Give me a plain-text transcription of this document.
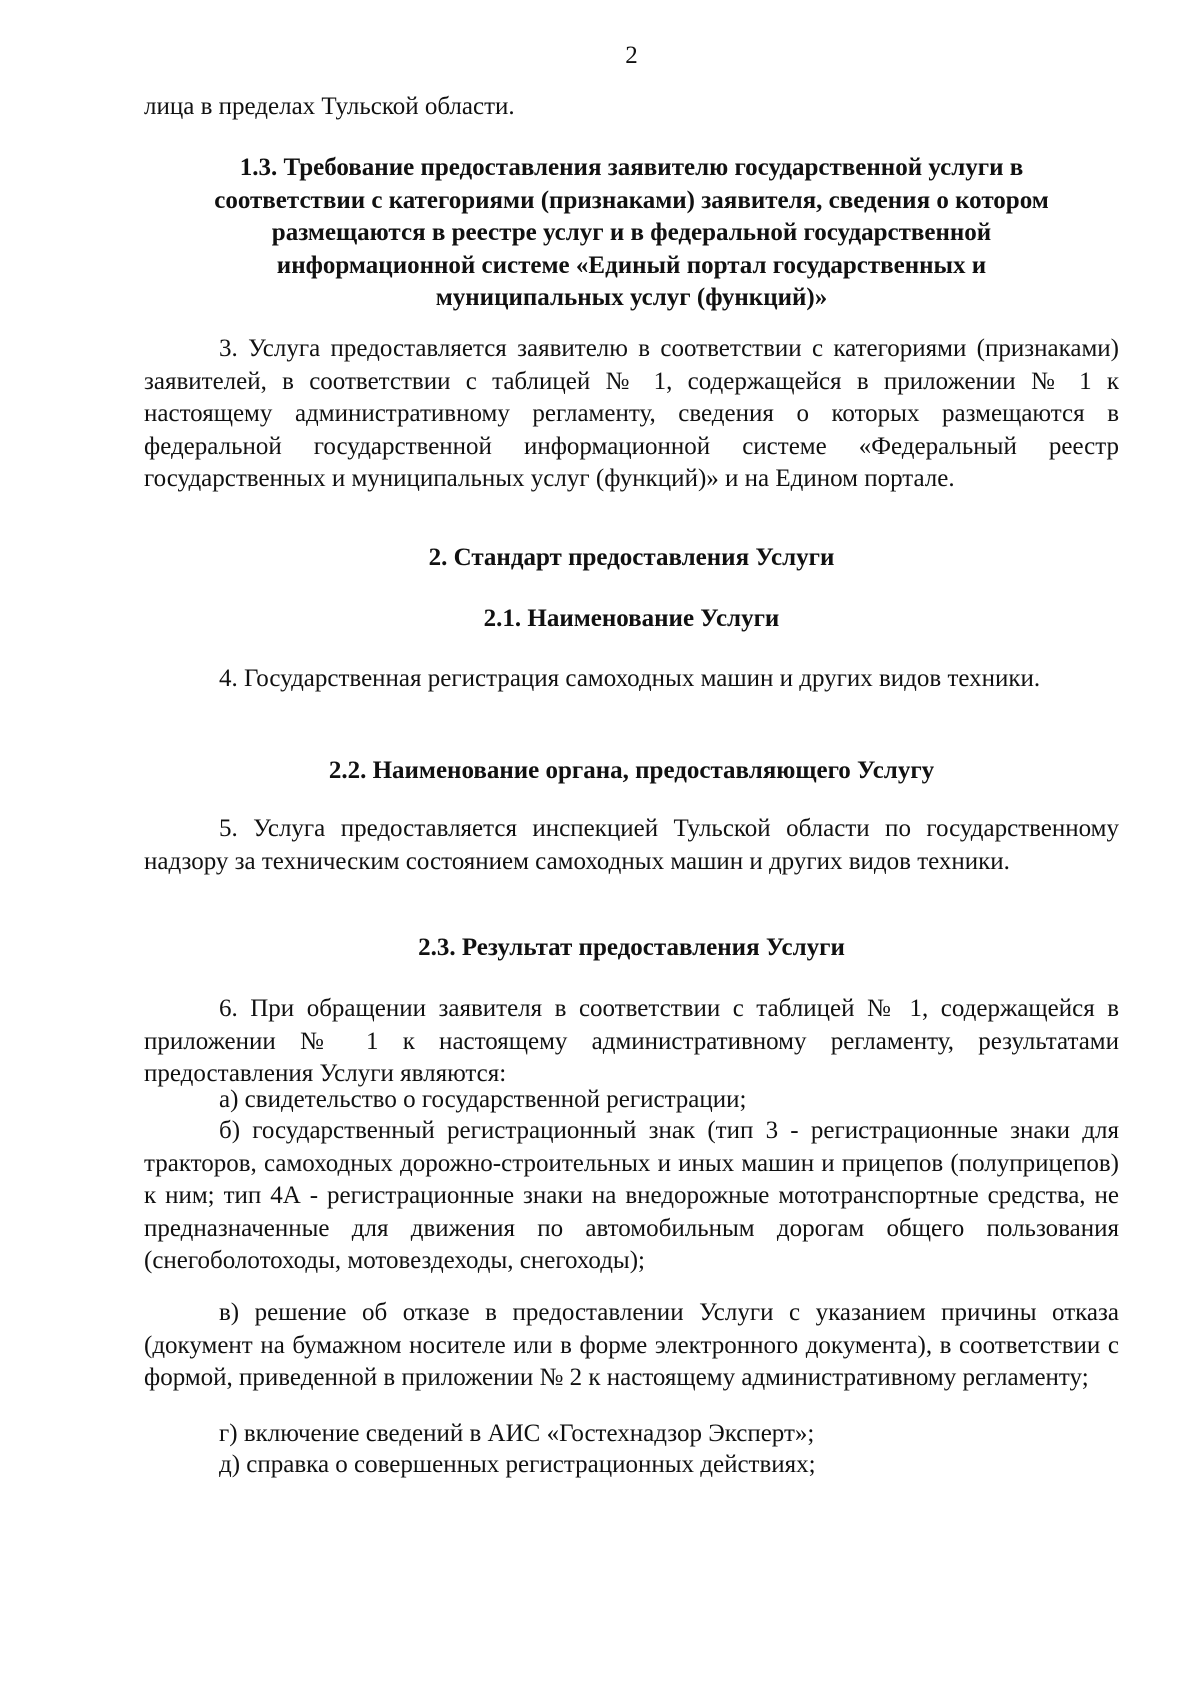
2

лица в пределах Тульской области.

1.3. Требование предоставления заявителю государственной услуги в
соответствии с категориями (признаками) заявителя, сведения о котором
размещаются в реестре услуг и в федеральной государственной
информационной системе «Единый портал государственных и
муниципальных услуг (функций)»

3. Услуга предоставляется заявителю в соответствии с категориями (признаками) заявителей, в соответствии с таблицей № 1, содержащейся в приложении № 1 к настоящему административному регламенту, сведения о которых размещаются в федеральной государственной информационной системе «Федеральный реестр государственных и муниципальных услуг (функций)» и на Едином портале.

2. Стандарт предоставления Услуги
2.1. Наименование Услуги

4. Государственная регистрация самоходных машин и других видов техники.

2.2. Наименование органа, предоставляющего Услугу

5. Услуга предоставляется инспекцией Тульской области по государственному надзору за техническим состоянием самоходных машин и других видов техники.

2.3. Результат предоставления Услуги

6. При обращении заявителя в соответствии с таблицей № 1, содержащейся в приложении № 1 к настоящему административному регламенту, результатами предоставления Услуги являются:

а) свидетельство о государственной регистрации;

б) государственный регистрационный знак (тип 3 - регистрационные знаки для тракторов, самоходных дорожно-строительных и иных машин и прицепов (полуприцепов) к ним; тип 4А - регистрационные знаки на внедорожные мототранспортные средства, не предназначенные для движения по автомобильным дорогам общего пользования (снегоболотоходы, мотовездеходы, снегоходы);

в) решение об отказе в предоставлении Услуги с указанием причины отказа (документ на бумажном носителе или в форме электронного документа), в соответствии с формой, приведенной в приложении № 2 к настоящему административному регламенту;

г) включение сведений в АИС «Гостехнадзор Эксперт»;

д) справка о совершенных регистрационных действиях;
